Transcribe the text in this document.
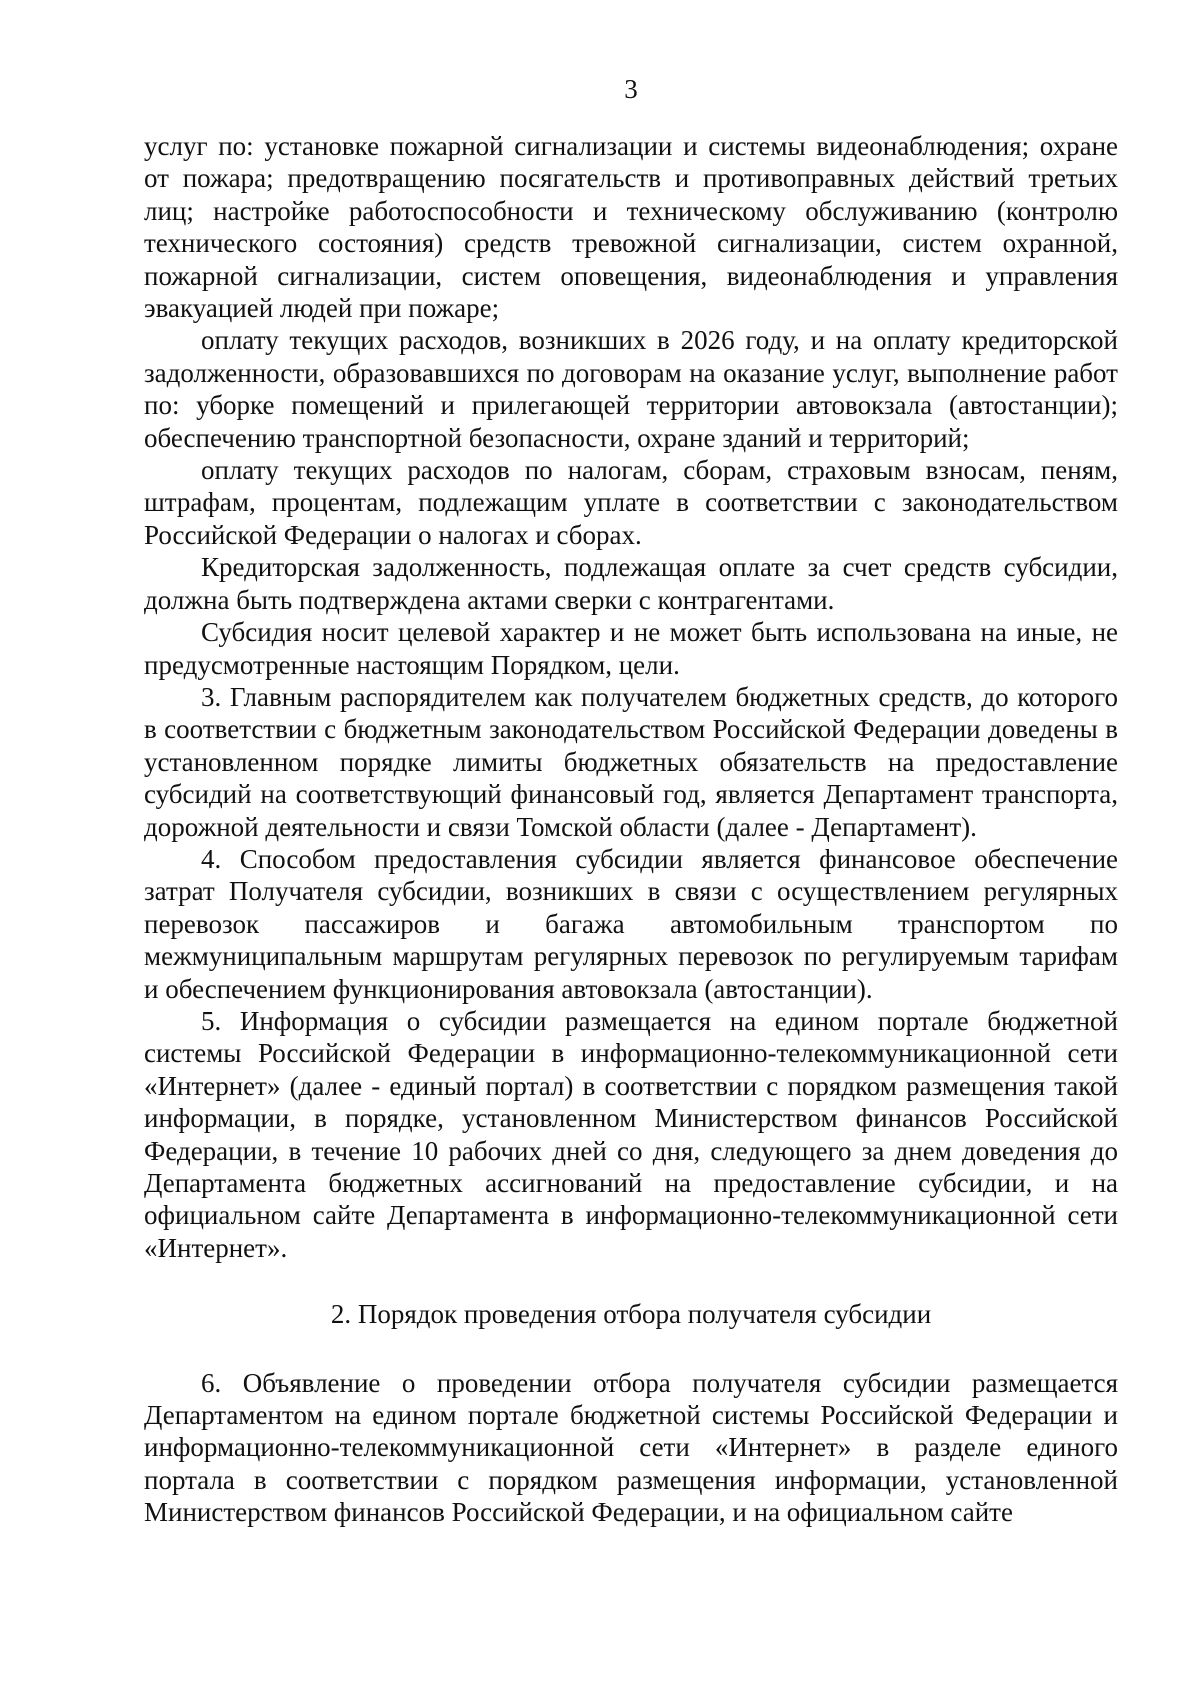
3

услуг по: установке пожарной сигнализации и системы видеонаблюдения; охране от пожара; предотвращению посягательств и противоправных действий третьих лиц; настройке работоспособности и техническому обслуживанию (контролю технического состояния) средств тревожной сигнализации, систем охранной, пожарной сигнализации, систем оповещения, видеонаблюдения и управления эвакуацией людей при пожаре;

оплату текущих расходов, возникших в 2026 году, и на оплату кредиторской задолженности, образовавшихся по договорам на оказание услуг, выполнение работ по: уборке помещений и прилегающей территории автовокзала (автостанции); обеспечению транспортной безопасности, охране зданий и территорий;

оплату текущих расходов по налогам, сборам, страховым взносам, пеням, штрафам, процентам, подлежащим уплате в соответствии с законодательством Российской Федерации о налогах и сборах.

Кредиторская задолженность, подлежащая оплате за счет средств субсидии, должна быть подтверждена актами сверки с контрагентами.

Субсидия носит целевой характер и не может быть использована на иные, не предусмотренные настоящим Порядком, цели.

3. Главным распорядителем как получателем бюджетных средств, до которого в соответствии с бюджетным законодательством Российской Федерации доведены в установленном порядке лимиты бюджетных обязательств на предоставление субсидий на соответствующий финансовый год, является Департамент транспорта, дорожной деятельности и связи Томской области (далее - Департамент).

4. Способом предоставления субсидии является финансовое обеспечение затрат Получателя субсидии, возникших в связи с осуществлением регулярных перевозок пассажиров и багажа автомобильным транспортом по межмуниципальным маршрутам регулярных перевозок по регулируемым тарифам и обеспечением функционирования автовокзала (автостанции).

5. Информация о субсидии размещается на едином портале бюджетной системы Российской Федерации в информационно-телекоммуникационной сети «Интернет» (далее - единый портал) в соответствии с порядком размещения такой информации, в порядке, установленном Министерством финансов Российской Федерации, в течение 10 рабочих дней со дня, следующего за днем доведения до Департамента бюджетных ассигнований на предоставление субсидии, и на официальном сайте Департамента в информационно-телекоммуникационной сети «Интернет».

2. Порядок проведения отбора получателя субсидии

6. Объявление о проведении отбора получателя субсидии размещается Департаментом на едином портале бюджетной системы Российской Федерации и информационно-телекоммуникационной сети «Интернет» в разделе единого портала в соответствии с порядком размещения информации, установленной Министерством финансов Российской Федерации, и на официальном сайте
